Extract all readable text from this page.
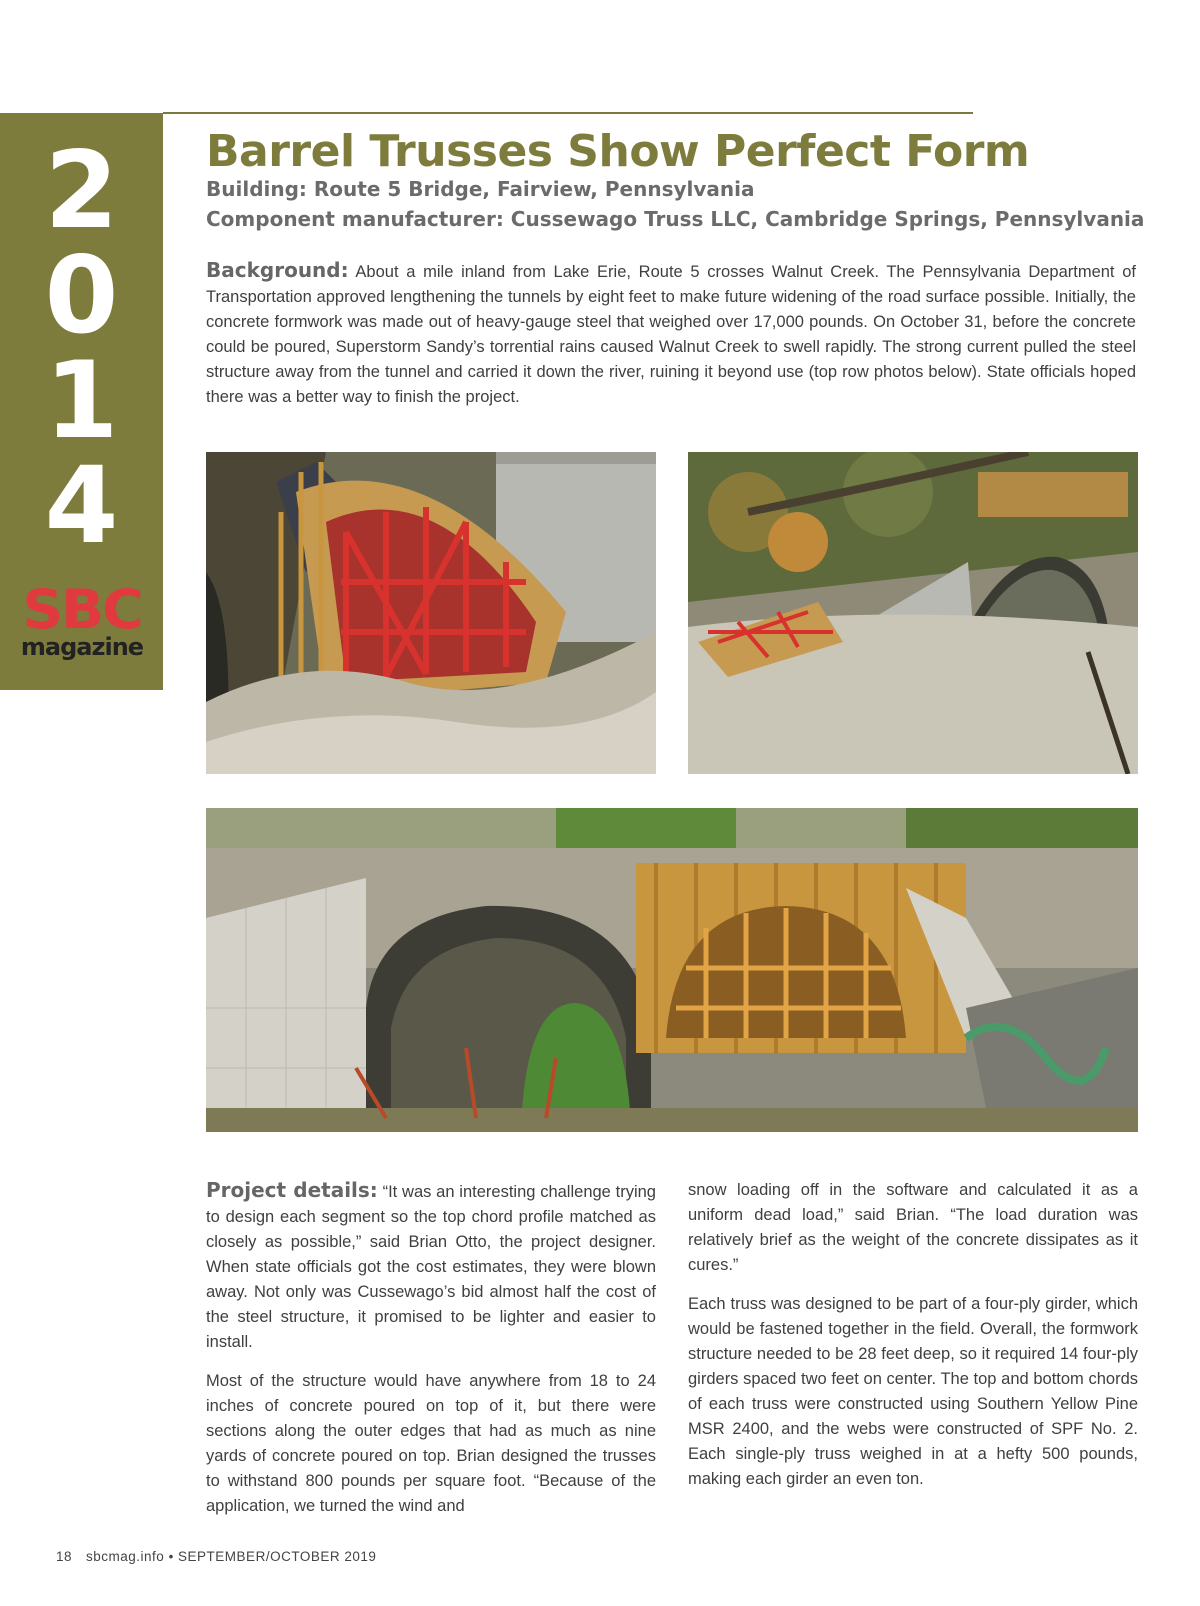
2
0
1
4
SBC
magazine
Barrel Trusses Show Perfect Form
Building: Route 5 Bridge, Fairview, Pennsylvania
Component manufacturer: Cussewago Truss LLC, Cambridge Springs, Pennsylvania

Background: About a mile inland from Lake Erie, Route 5 crosses Walnut Creek. The Pennsylvania Department of Transportation approved lengthening the tunnels by eight feet to make future widening of the road surface possible. Initially, the concrete formwork was made out of heavy-gauge steel that weighed over 17,000 pounds. On October 31, before the concrete could be poured, Superstorm Sandy’s torrential rains caused Walnut Creek to swell rapidly. The strong current pulled the steel structure away from the tunnel and carried it down the river, ruining it beyond use (top row photos below). State officials hoped there was a better way to finish the project.

Project details: “It was an interesting challenge trying to design each segment so the top chord profile matched as closely as possible,” said Brian Otto, the project designer. When state officials got the cost estimates, they were blown away. Not only was Cussewago’s bid almost half the cost of the steel structure, it promised to be lighter and easier to install.

Most of the structure would have anywhere from 18 to 24 inches of concrete poured on top of it, but there were sections along the outer edges that had as much as nine yards of concrete poured on top. Brian designed the trusses to withstand 800 pounds per square foot. “Because of the application, we turned the wind and

snow loading off in the software and calculated it as a uniform dead load,” said Brian. “The load duration was relatively brief as the weight of the concrete dissipates as it cures.”

Each truss was designed to be part of a four-ply girder, which would be fastened together in the field. Overall, the formwork structure needed to be 28 feet deep, so it required 14 four-ply girders spaced two feet on center. The top and bottom chords of each truss were constructed using Southern Yellow Pine MSR 2400, and the webs were constructed of SPF No. 2. Each single-ply truss weighed in at a hefty 500 pounds, making each girder an even ton.

18 sbcmag.info • SEPTEMBER/OCTOBER 2019
